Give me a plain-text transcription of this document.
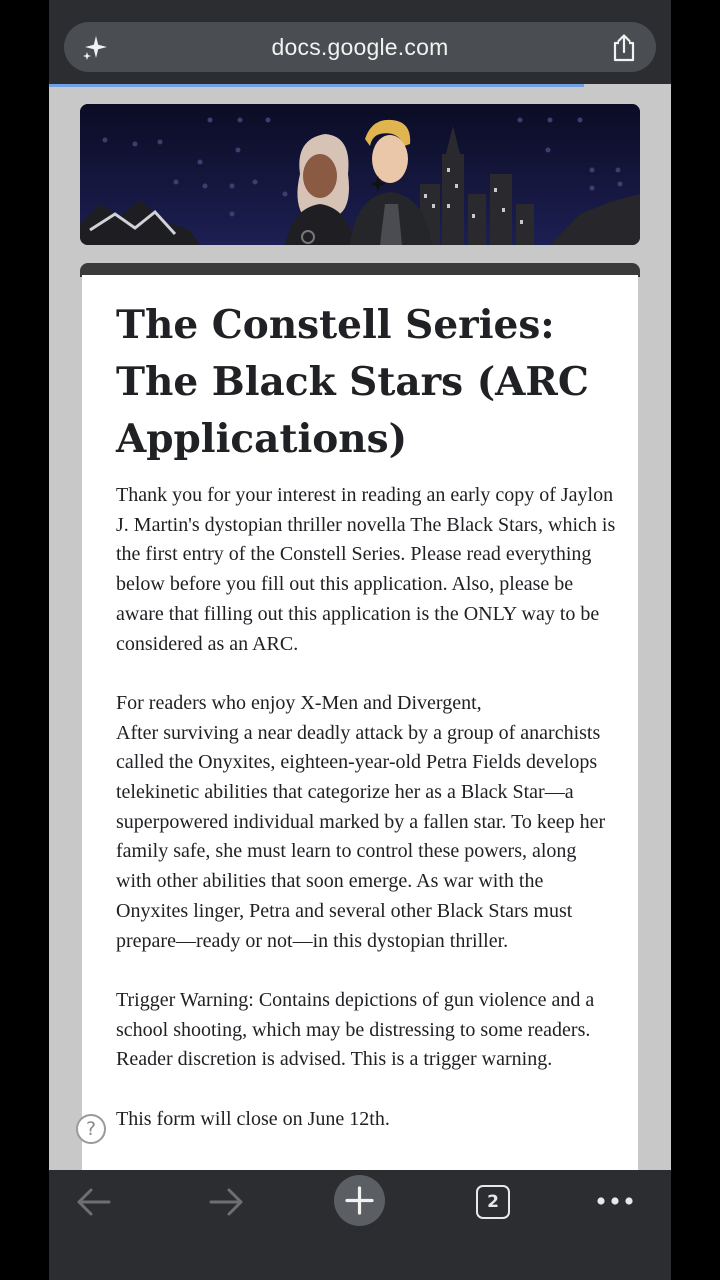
docs.google.com
The Constell Series: The Black Stars (ARC Applications)

Thank you for your interest in reading an early copy of Jaylon J. Martin's dystopian thriller novella The Black Stars, which is the first entry of the Constell Series. Please read everything below before you fill out this application. Also, please be aware that filling out this application is the ONLY way to be considered as an ARC.

For readers who enjoy X-Men and Divergent,

After surviving a near deadly attack by a group of anarchists called the Onyxites, eighteen-year-old Petra Fields develops telekinetic abilities that categorize her as a Black Star—a superpowered individual marked by a fallen star. To keep her family safe, she must learn to control these powers, along with other abilities that soon emerge. As war with the Onyxites linger, Petra and several other Black Stars must prepare—ready or not—in this dystopian thriller.

Trigger Warning: Contains depictions of gun violence and a school shooting, which may be distressing to some readers. Reader discretion is advised. This is a trigger warning.

This form will close on June 12th.

?
2
